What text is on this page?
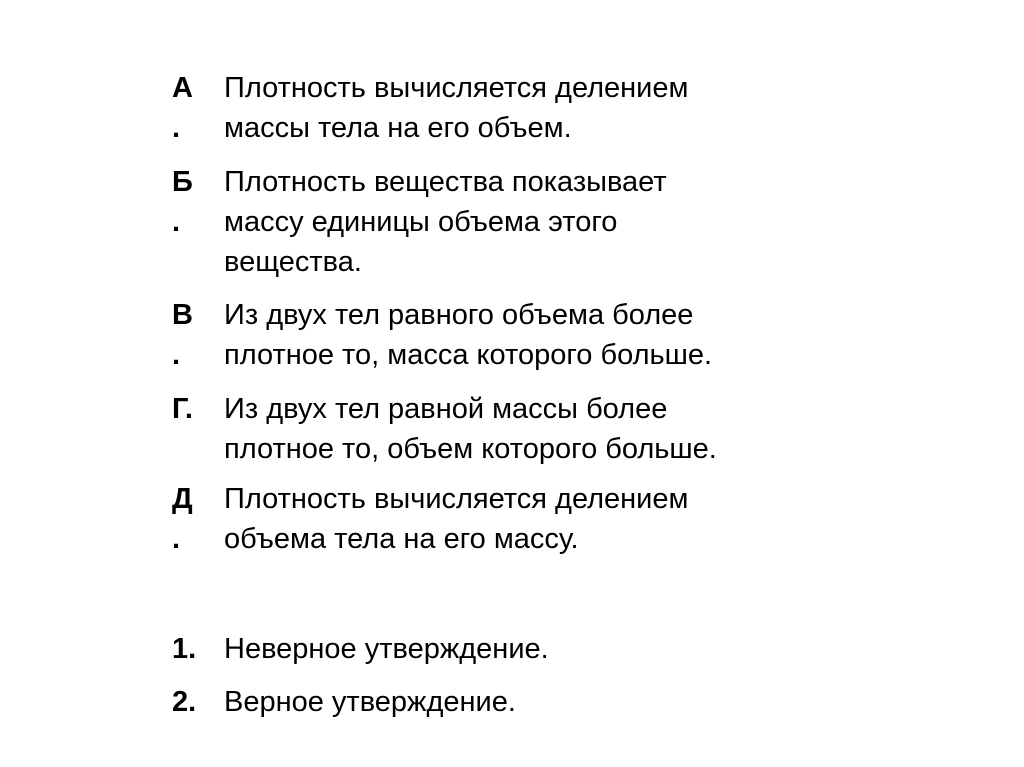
А.
Плотность вычисляется делением
массы тела на его объем.
Б.
Плотность вещества показывает
массу единицы объема этого
вещества.
В.
Из двух тел равного объема более
плотное то, масса которого больше.
Г.	Из двух тел равной массы более
плотное то, объем которого больше.
Д.
Плотность вычисляется делением
объема тела на его массу.
1. Неверное утверждение.
2. Верное утверждение.
